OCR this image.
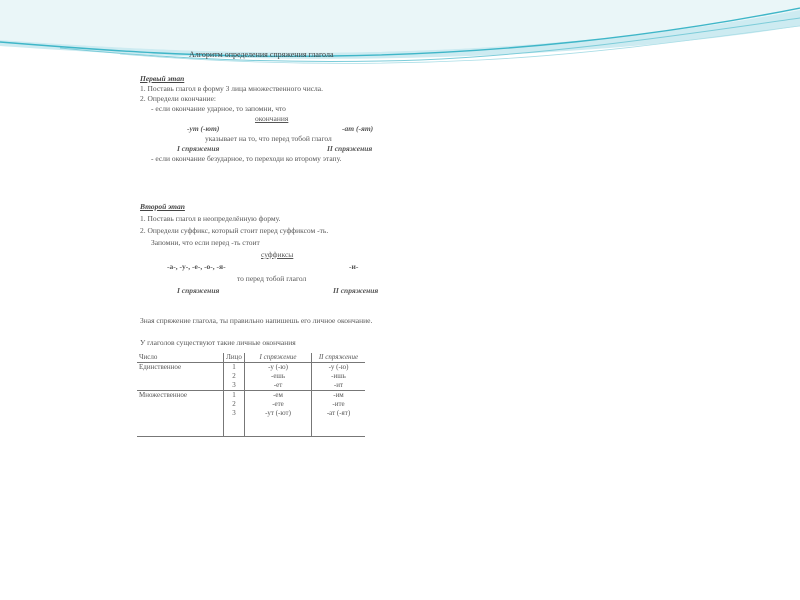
Алгоритм определения спряжения глагола
Первый этап
1. Поставь глагол в форму 3 лица множественного числа.
2. Определи окончание:
- если окончание ударное, то запомни, что
окончания
-ут (-ют)	-ат (-ят)
указывает на то, что перед тобой глагол
I спряжения	II спряжения
- если окончание безударное, то переходи ко второму этапу.
Второй этап
1. Поставь глагол в неопределённую форму.
2. Определи суффикс, который стоит перед суффиксом -ть.
Запомни, что если перед -ть стоит
суффиксы
-а-, -у-, -е-, -о-, -я-	-и-
то перед тобой глагол
I спряжения	II спряжения
Зная спряжение глагола, ты правильно напишешь его личное окончание.
У глаголов существуют такие личные окончания
Число	Лицо	I спряжение	II спряжение
Единственное	1	-у (-ю)	-у (-ю)
	2	-ешь	-ишь
	3	-ет	-ит
Множественное	1	-ем	-им
	2	-ете	-ите
	3	-ут (-ют)	-ат (-ят)
